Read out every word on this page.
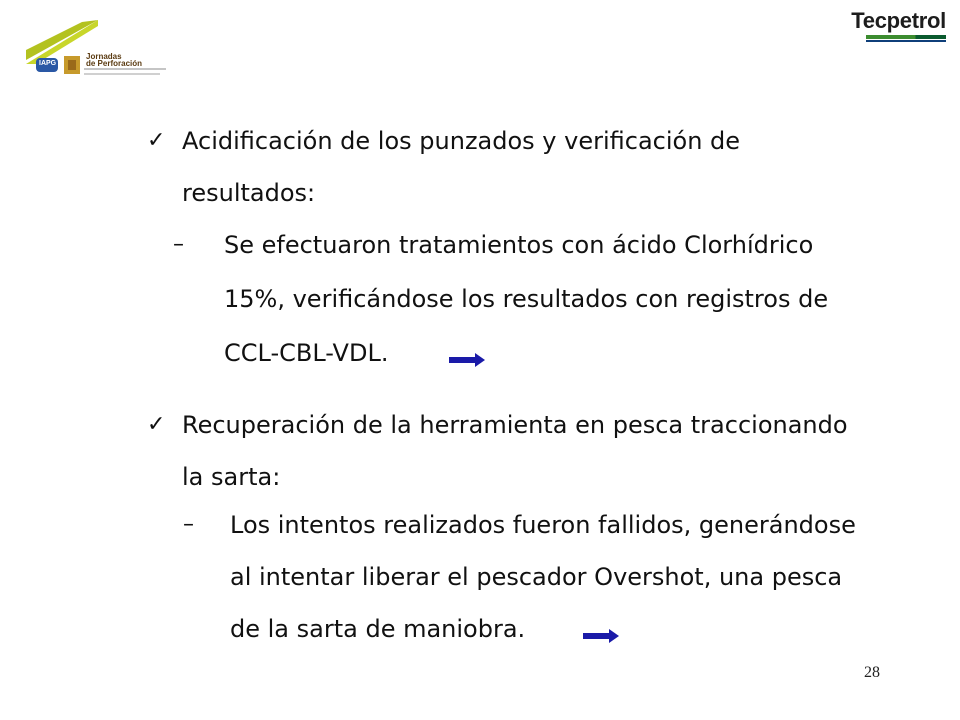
IAPG
Jornadas
de Perforación
Tecpetrol
✓ Acidificación de los punzados y verificación de
resultados:
– Se efectuaron tratamientos con ácido Clorhídrico
15%, verificándose los resultados con registros de
CCL-CBL-VDL.
✓ Recuperación de la herramienta en pesca traccionando
la sarta:
– Los intentos realizados fueron fallidos, generándose
al intentar liberar el pescador Overshot, una pesca
de la sarta de maniobra.
28
